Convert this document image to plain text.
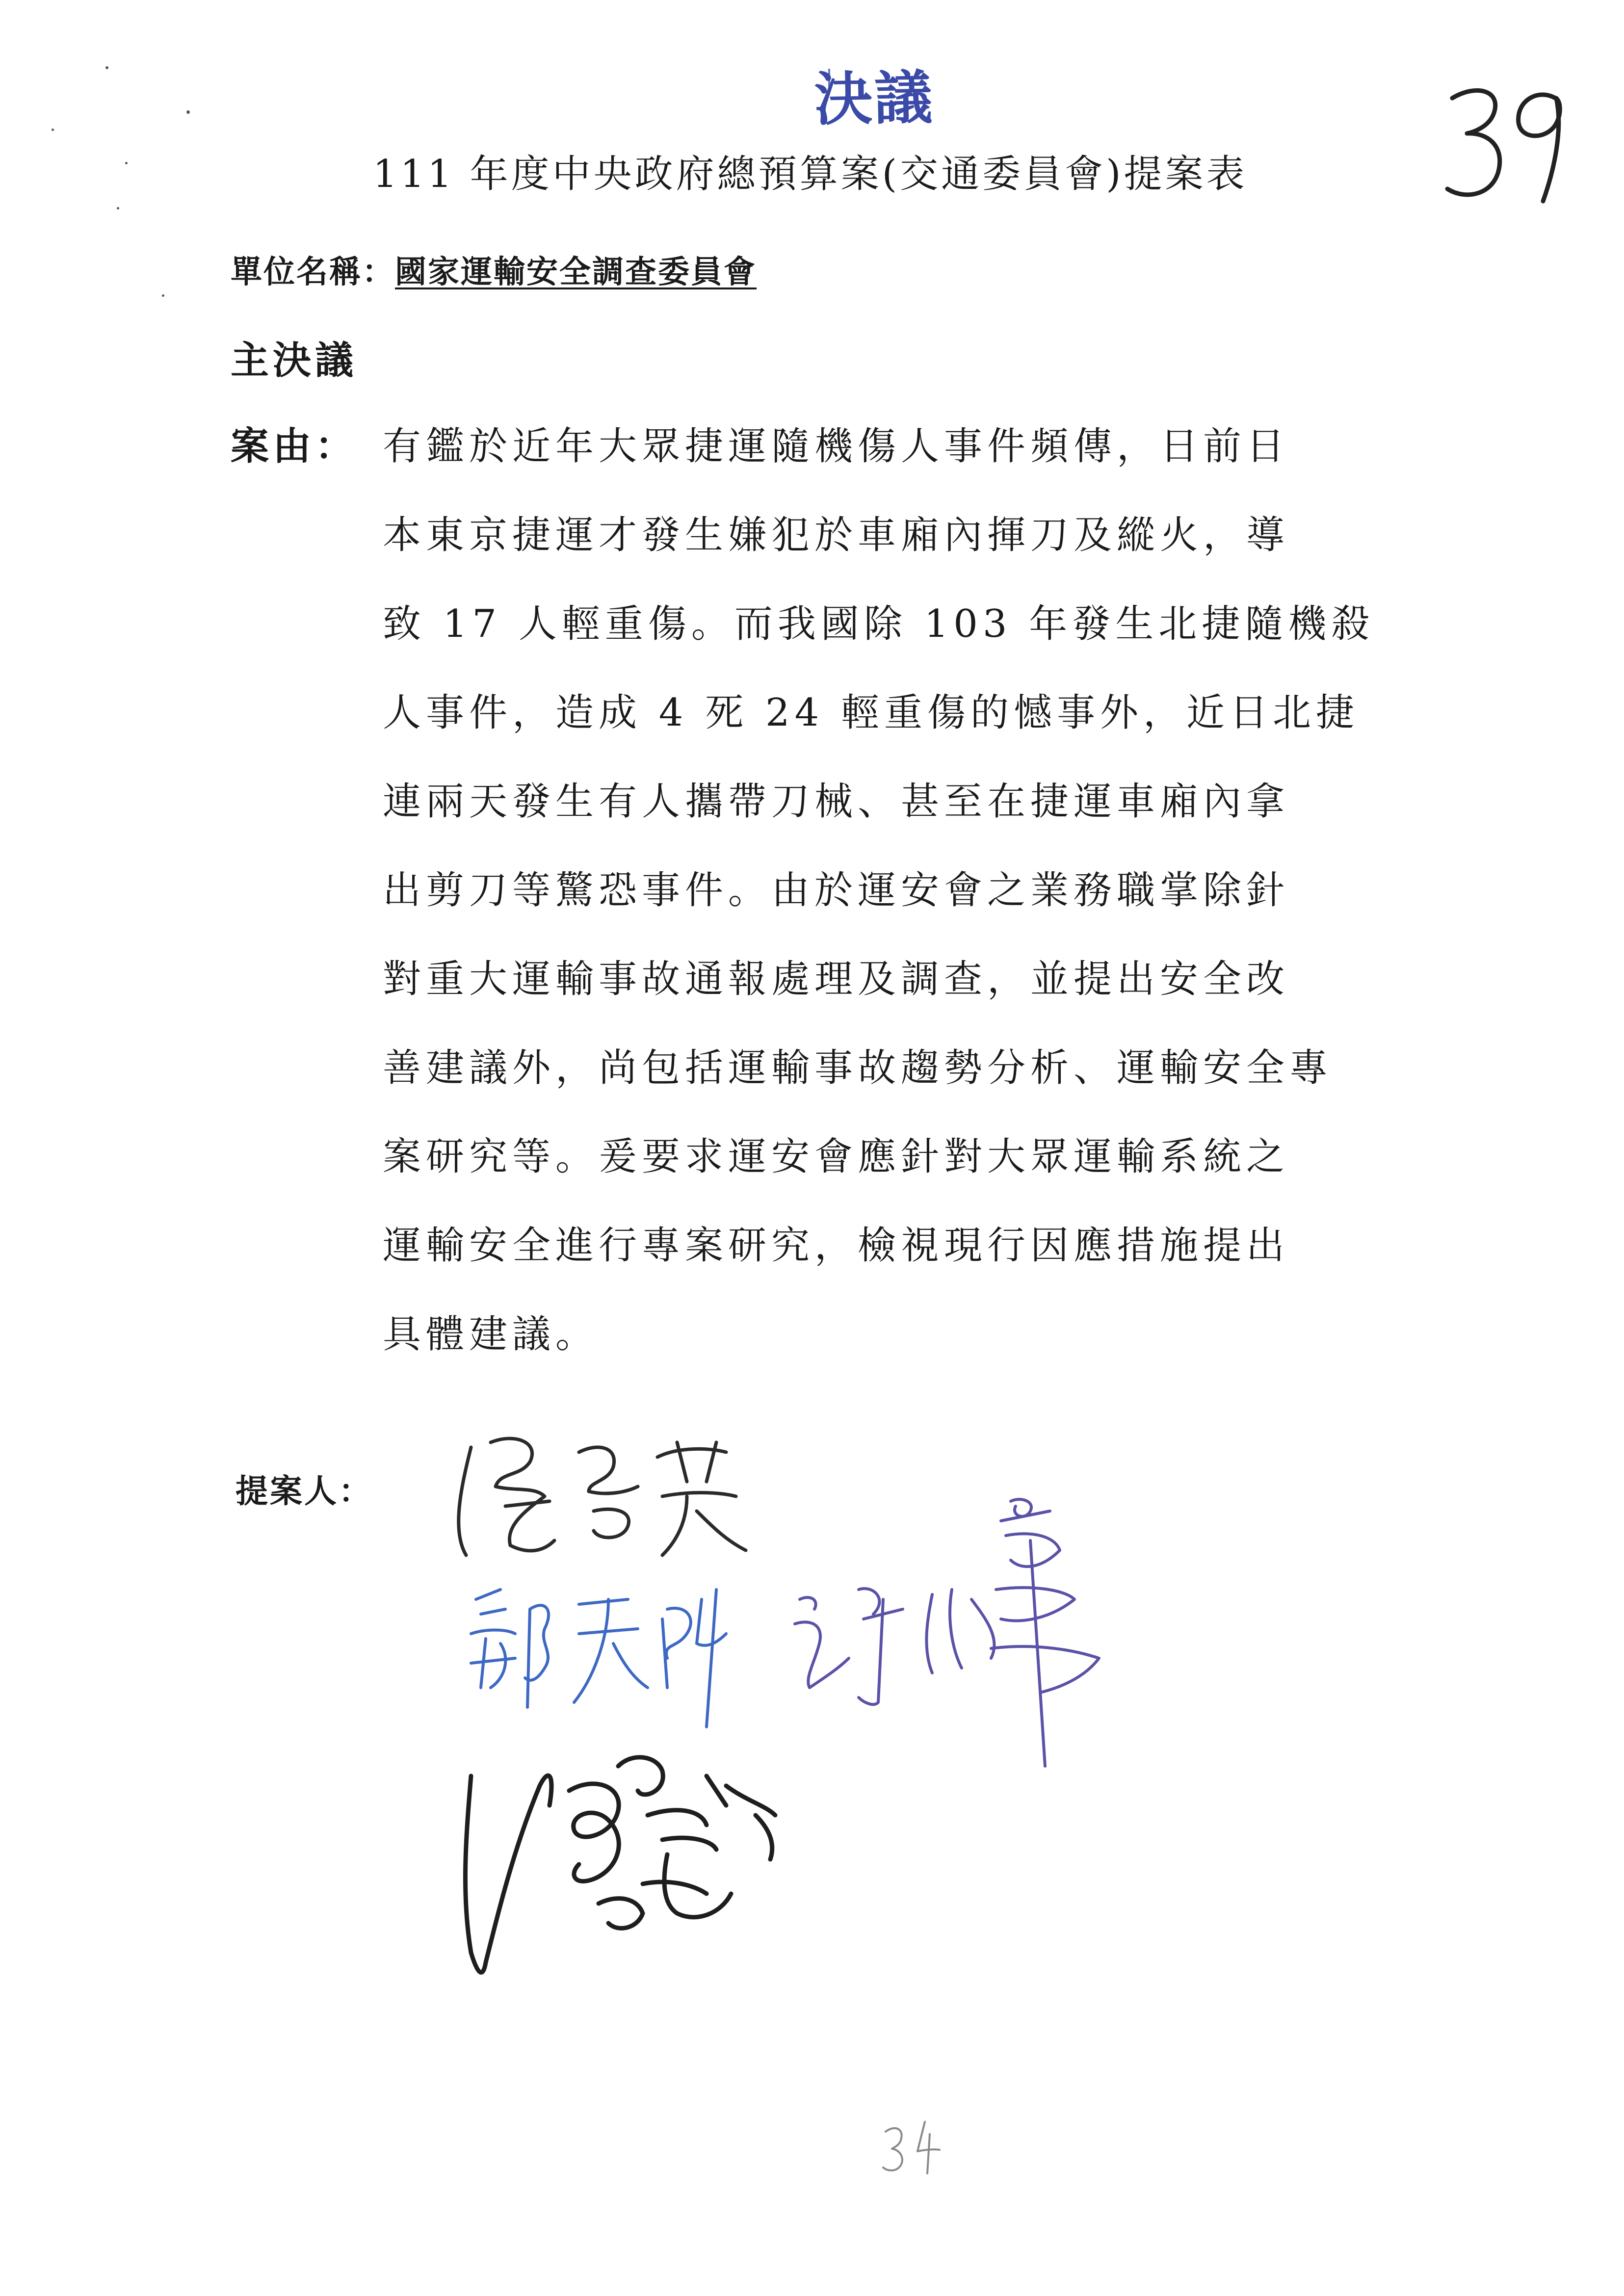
決議
111 年度中央政府總預算案(交通委員會)提案表
單位名稱：國家運輸安全調查委員會
主決議
案由： 有鑑於近年大眾捷運隨機傷人事件頻傳，日前日
本東京捷運才發生嫌犯於車廂內揮刀及縱火，導
致 17 人輕重傷。而我國除 103 年發生北捷隨機殺
人事件，造成 4 死 24 輕重傷的憾事外，近日北捷
連兩天發生有人攜帶刀械、甚至在捷運車廂內拿
出剪刀等驚恐事件。由於運安會之業務職掌除針
對重大運輸事故通報處理及調查，並提出安全改
善建議外，尚包括運輸事故趨勢分析、運輸安全專
案研究等。爰要求運安會應針對大眾運輸系統之
運輸安全進行專案研究，檢視現行因應措施提出
具體建議。
提案人：
